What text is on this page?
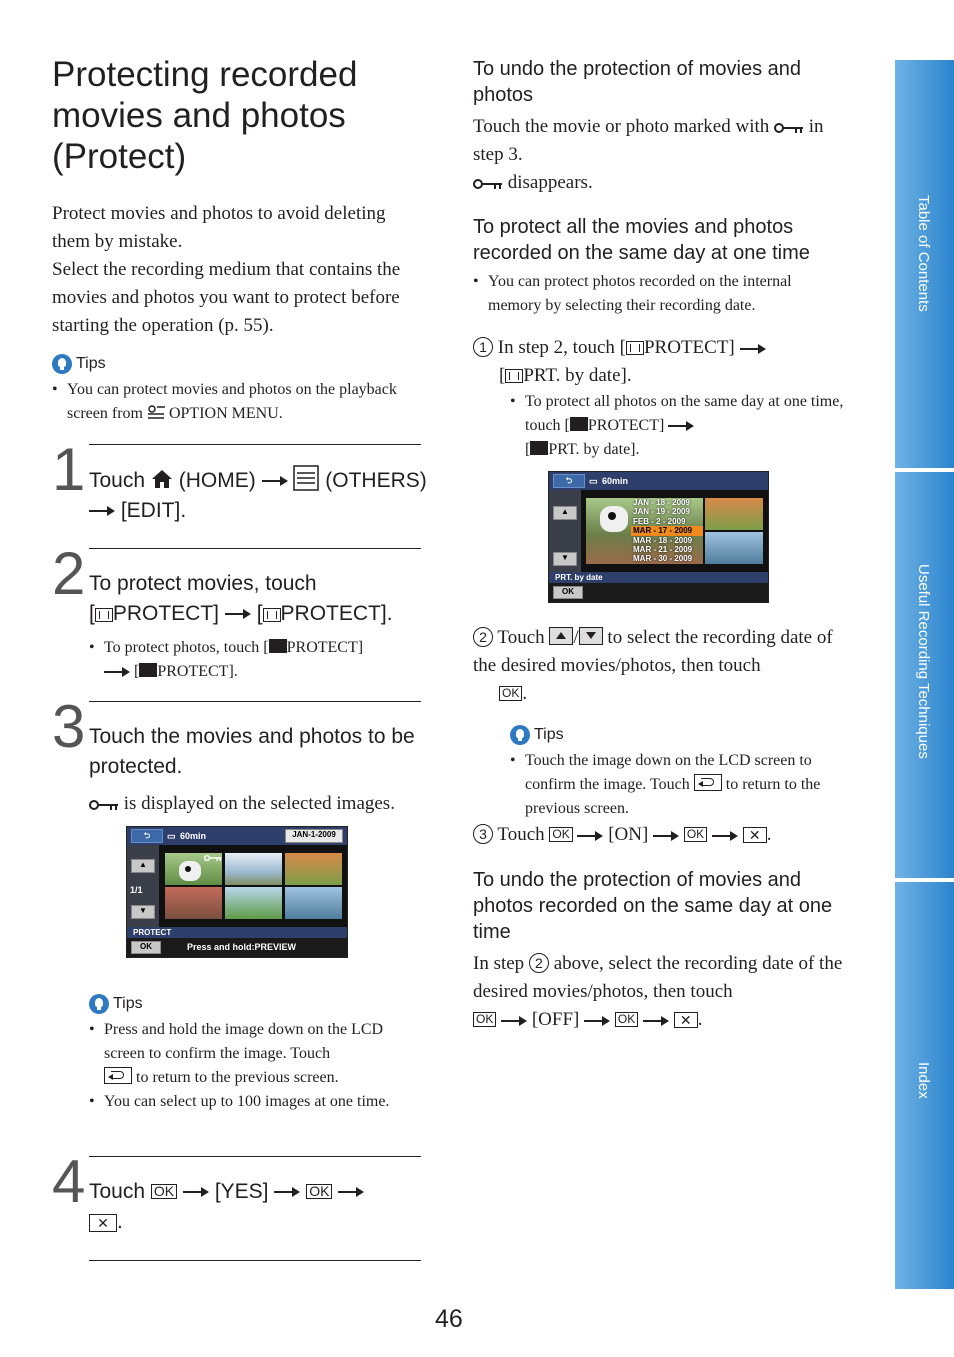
Protecting recorded movies and photos (Protect)

Protect movies and photos to avoid deleting them by mistake.

Select the recording medium that contains the movies and photos you want to protect before starting the operation (p. 55).

Tips
• You can protect movies and photos on the playback screen from OPTION MENU.
1 Touch (HOME)	(OTHERS)
[EDIT].
2 To protect movies, touch
[ PROTECT]  [ PROTECT].
• To protect photos, touch [ PROTECT]
[ PROTECT].
3 Touch the movies and photos to be protected.
is displayed on the selected images.
⮌	▭ 60min	JAN-1-2009
▲
1/1
▼
PROTECT
OK	Press and hold:PREVIEW
Tips
• Press and hold the image down on the LCD screen to confirm the image. Touch
to return to the previous screen.
• You can select up to 100 images at one time.
4 Touch OK [YES]	OK
✕ .
To undo the protection of movies and photos

Touch the movie or photo marked with in step 3.

disappears.

To protect all the movies and photos recorded on the same day at one time
• You can protect photos recorded on the internal memory by selecting their recording date.
1 In step 2, touch [ PROTECT]
[ PRT. by date].
• To protect all photos on the same day at one time, touch [ PROTECT]
[ PRT. by date].
⮌	▭ 60min
▲
▼
JAN - 18 - 2009
JAN - 19 - 2009
FEB - 2 - 2009
MAR - 17 - 2009
MAR - 18 - 2009
MAR - 21 - 2009
MAR - 30 - 2009
PRT. by date
OK
2 Touch / to select the recording date of the desired movies/photos, then touch
OK .
Tips
• Touch the image down on the LCD screen to confirm the image. Touch to return to the previous screen.
3 Touch OK [ON]	OK	✕ .
To undo the protection of movies and photos recorded on the same day at one time
In step 2 above, select the recording date of the desired movies/photos, then touch
OK [OFF]	OK	✕ .
Table of Contents
Useful Recording Techniques
Index
46
